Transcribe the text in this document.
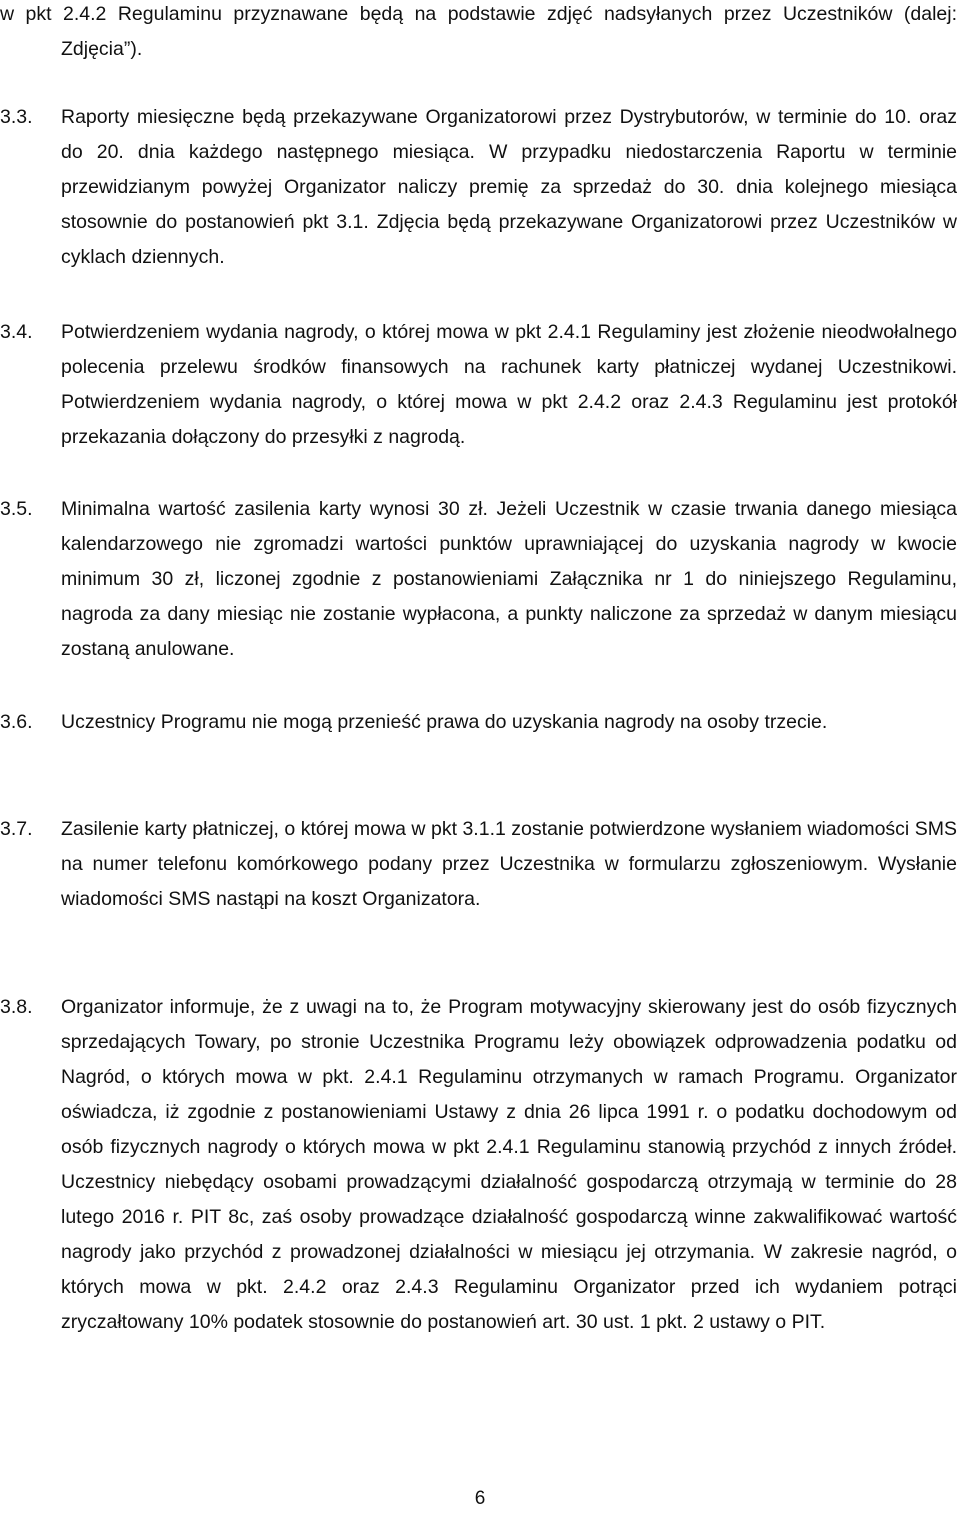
w pkt 2.4.2 Regulaminu przyznawane będą na podstawie zdjęć nadsyłanych przez Uczestników (dalej: Zdjęcia”).
3.3.	Raporty miesięczne będą przekazywane Organizatorowi przez Dystrybutorów, w terminie do 10. oraz do 20. dnia każdego następnego miesiąca. W przypadku niedostarczenia Raportu w terminie przewidzianym powyżej Organizator naliczy premię za sprzedaż do 30. dnia kolejnego miesiąca stosownie do postanowień pkt 3.1. Zdjęcia będą przekazywane Organizatorowi przez Uczestników w cyklach dziennych.
3.4.	Potwierdzeniem wydania nagrody, o której mowa w pkt 2.4.1 Regulaminy jest złożenie nieodwołalnego polecenia przelewu środków finansowych na rachunek karty płatniczej wydanej Uczestnikowi. Potwierdzeniem wydania nagrody, o której mowa w pkt 2.4.2 oraz 2.4.3 Regulaminu jest protokół przekazania dołączony do przesyłki z nagrodą.
3.5.	Minimalna wartość zasilenia karty wynosi 30 zł. Jeżeli Uczestnik w czasie trwania danego miesiąca kalendarzowego nie zgromadzi wartości punktów uprawniającej do uzyskania nagrody w kwocie minimum 30 zł, liczonej zgodnie z postanowieniami Załącznika nr 1 do niniejszego Regulaminu, nagroda za dany miesiąc nie zostanie wypłacona, a punkty naliczone za sprzedaż w danym miesiącu zostaną anulowane.
3.6.	Uczestnicy Programu nie mogą przenieść prawa do uzyskania nagrody na osoby trzecie.
3.7.	Zasilenie karty płatniczej, o której mowa w pkt 3.1.1 zostanie potwierdzone wysłaniem wiadomości SMS na numer telefonu komórkowego podany przez Uczestnika w formularzu zgłoszeniowym. Wysłanie wiadomości SMS nastąpi na koszt Organizatora.
3.8.	Organizator informuje, że z uwagi na to, że Program motywacyjny skierowany jest do osób fizycznych sprzedających Towary, po stronie Uczestnika Programu leży obowiązek odprowadzenia podatku od Nagród, o których mowa w pkt. 2.4.1 Regulaminu otrzymanych w ramach Programu. Organizator oświadcza, iż zgodnie z postanowieniami Ustawy z dnia 26 lipca 1991 r. o podatku dochodowym od osób fizycznych nagrody o których mowa w pkt 2.4.1 Regulaminu stanowią przychód z innych źródeł. Uczestnicy niebędący osobami prowadzącymi działalność gospodarczą otrzymają w terminie do 28 lutego 2016 r. PIT 8c, zaś osoby prowadzące działalność gospodarczą winne zakwalifikować wartość nagrody jako przychód z prowadzonej działalności w miesiącu jej otrzymania. W zakresie nagród, o których mowa w pkt. 2.4.2 oraz 2.4.3 Regulaminu Organizator przed ich wydaniem potrąci zryczałtowany 10% podatek stosownie do postanowień art. 30 ust. 1 pkt. 2 ustawy o PIT.
6
